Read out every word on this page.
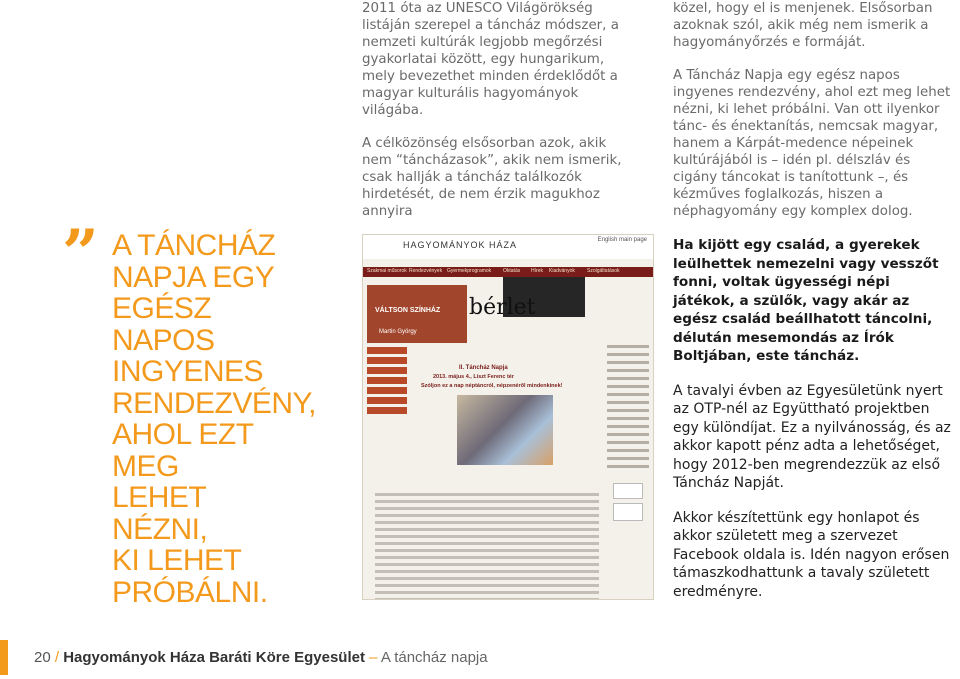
” A TÁNCHÁZ
NAPJA EGY
EGÉSZ NAPOS
INGYENES
RENDEZVÉNY,
AHOL EZT MEG
LEHET NÉZNI,
KI LEHET
PRÓBÁLNI.

2011 óta az UNESCO Világörökség listáján szerepel a táncház módszer, a nemzeti kultúrák legjobb megőrzési gyakorlatai között, egy hungarikum, mely bevezethet minden érdeklődőt a magyar kulturális hagyományok világába.

A célközönség elsősorban azok, akik nem “táncházasok”, akik nem ismerik, csak hallják a táncház találkozók hirdetését, de nem érzik magukhoz annyira

HAGYOMÁNYOK HÁZA	English main page
Szakmai műsorok Rendezvények Gyermekprogramok Oktatás Hírek Kiadványok Szolgáltatások
VÁLTSON SZÍNHÁZ
Martin György
bérlet
II. Táncház Napja
2013. május 4., Liszt Ferenc tér
Szóljon ez a nap néptáncról, népzenéről mindenkinek!

közel, hogy el is menjenek. Elsősorban azoknak szól, akik még nem ismerik a hagyományőrzés e formáját.

A Táncház Napja egy egész napos ingyenes rendezvény, ahol ezt meg lehet nézni, ki lehet próbálni. Van ott ilyenkor tánc- és énektanítás, nemcsak magyar, hanem a Kárpát-medence népeinek kultúrájából is – idén pl. délszláv és cigány táncokat is tanítottunk –, és kézműves foglalkozás, hiszen a néphagyomány egy komplex dolog.

Ha kijött egy család, a gyerekek leülhettek nemezelni vagy vesszőt fonni, voltak ügyességi népi játékok, a szülők, vagy akár az egész család beállhatott táncolni, délután mesemondás az Írók Boltjában, este táncház.

A tavalyi évben az Egyesületünk nyert az OTP-nél az Együttható projektben egy különdíjat. Ez a nyilvánosság, és az akkor kapott pénz adta a lehetőséget, hogy 2012-ben megrendezzük az első Táncház Napját.

Akkor készítettünk egy honlapot és akkor született meg a szervezet Facebook oldala is. Idén nagyon erősen támaszkodhattunk a tavaly született eredményre.

20 / Hagyományok Háza Baráti Köre Egyesület – A táncház napja
